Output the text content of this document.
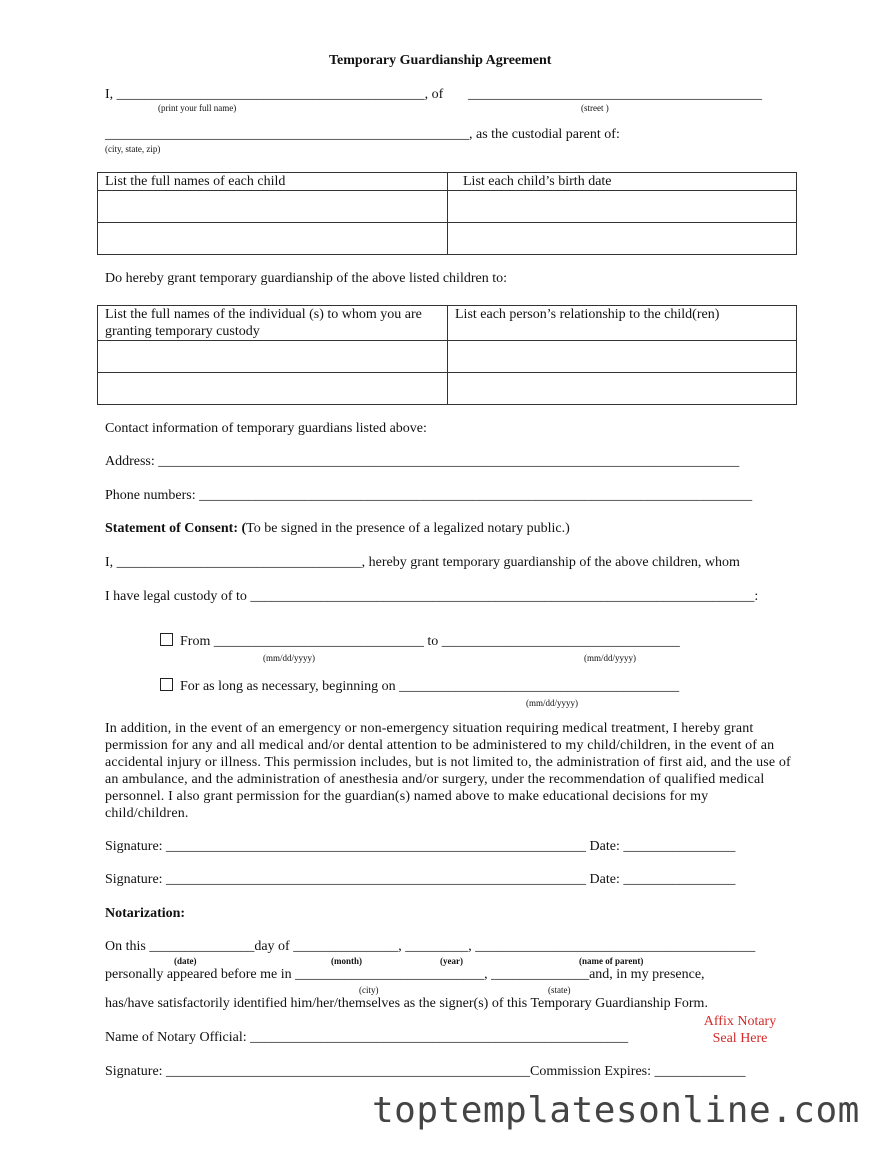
Temporary Guardianship Agreement
I, ____________________________________________, of __________________________________________
(print your full name)	(street )
____________________________________________________, as the custodial parent of:
(city, state, zip)
List the full names of each child	List each child’s birth date

Do hereby grant temporary guardianship of the above listed children to:
List the full names of the individual (s) to whom you are granting temporary custody	List each person’s relationship to the child(ren)

Contact information of temporary guardians listed above:
Address: ___________________________________________________________________________________
Phone numbers: _______________________________________________________________________________
Statement of Consent: (To be signed in the presence of a legalized notary public.)
I, ___________________________________, hereby grant temporary guardianship of the above children, whom
I have legal custody of to ________________________________________________________________________:
From ______________________________ to __________________________________
(mm/dd/yyyy)	(mm/dd/yyyy)
For as long as necessary, beginning on ________________________________________
(mm/dd/yyyy)
In addition, in the event of an emergency or non-emergency situation requiring medical treatment, I hereby grant permission for any and all medical and/or dental attention to be administered to my child/children, in the event of an accidental injury or illness. This permission includes, but is not limited to, the administration of first aid, and the use of an ambulance, and the administration of anesthesia and/or surgery, under the recommendation of qualified medical personnel. I also grant permission for the guardian(s) named above to make educational decisions for my child/children.
Signature: ____________________________________________________________ Date: ________________
Signature: ____________________________________________________________ Date: ________________
Notarization:
On this _______________day of _______________, _________, ________________________________________
(date)	(month)	(year)	(name of parent)
personally appeared before me in ___________________________, ______________and, in my presence,
(city)	(state)
has/have satisfactorily identified him/her/themselves as the signer(s) of this Temporary Guardianship Form.
Name of Notary Official: ______________________________________________________
Affix Notary
Seal Here
Signature: ____________________________________________________Commission Expires: _____________
toptemplatesonline.com
